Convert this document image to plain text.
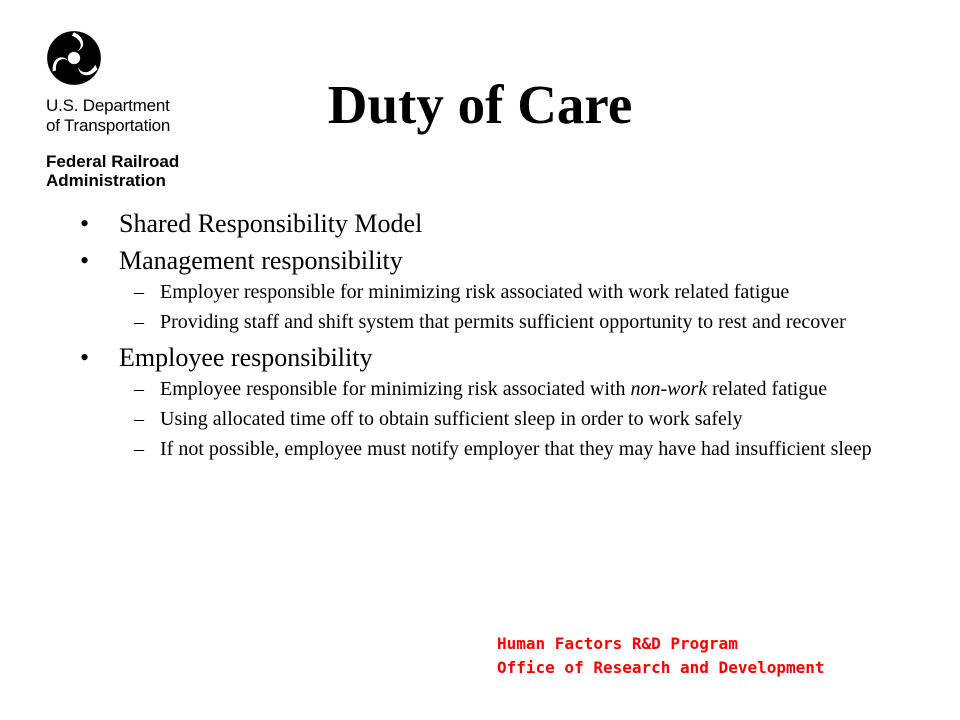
U.S. Department
of Transportation
Federal Railroad
Administration
Duty of Care
• Shared Responsibility Model
• Management responsibility
– Employer responsible for minimizing risk associated with work related fatigue
– Providing staff and shift system that permits sufficient opportunity to rest and recover
• Employee responsibility
– Employee responsible for minimizing risk associated with non-work related fatigue
– Using allocated time off to obtain sufficient sleep in order to work safely
– If not possible, employee must notify employer that they may have had insufficient sleep
Human Factors R&D Program
Office of Research and Development
